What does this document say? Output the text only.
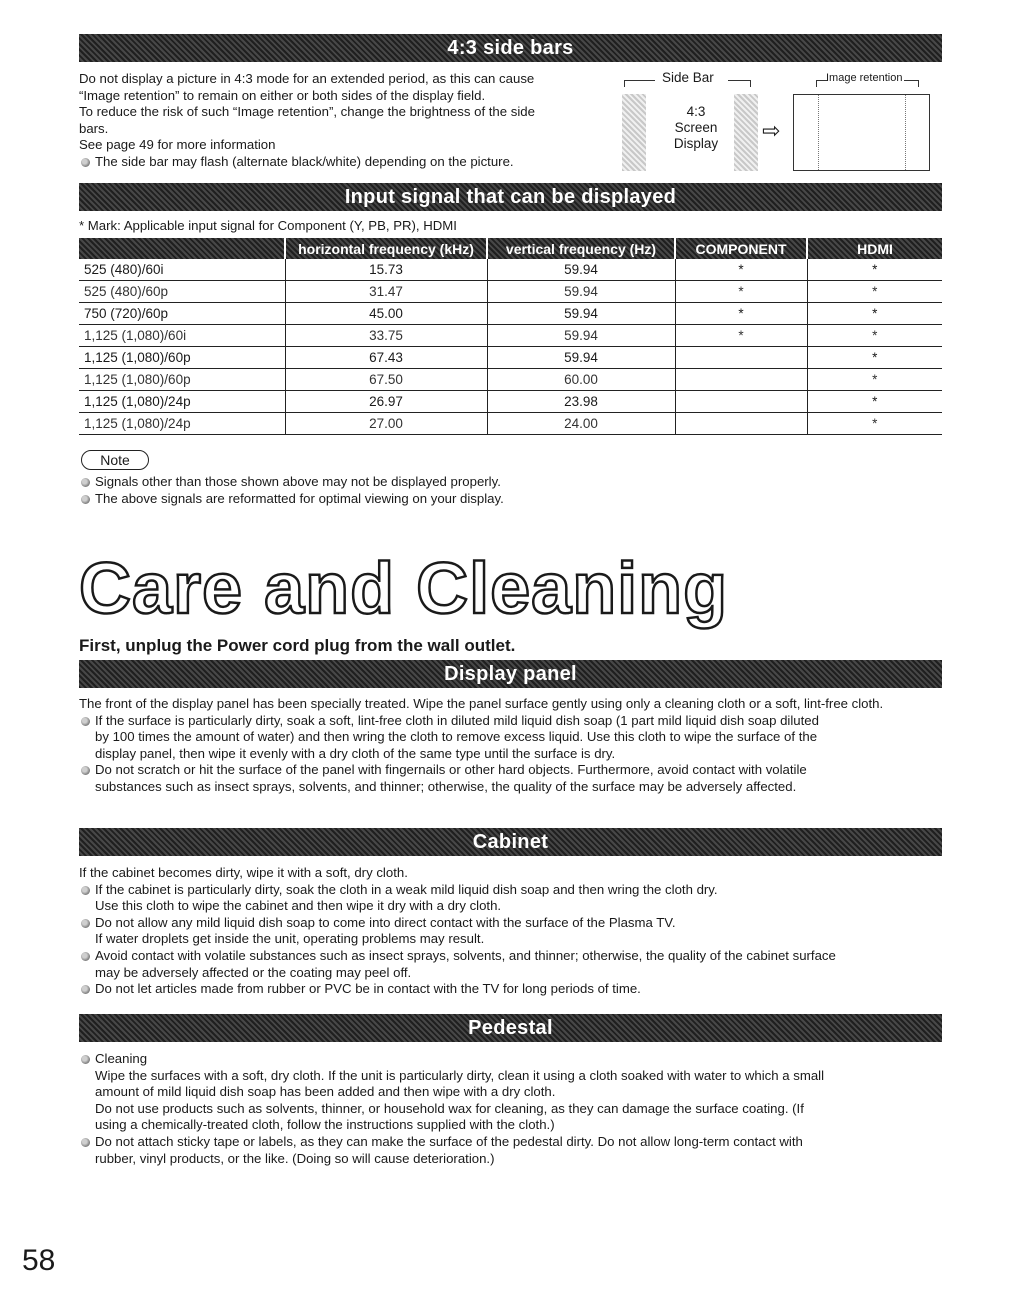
4:3 side bars
Do not display a picture in 4:3 mode for an extended period, as this can cause
“Image retention” to remain on either or both sides of the display field.
To reduce the risk of such “Image retention”, change the brightness of the side
bars.
See page 49 for more information
The side bar may flash (alternate black/white) depending on the picture.
Side Bar
4:3
Screen
Display
⇨
Image retention
Input signal that can be displayed
* Mark: Applicable input signal for Component (Y, PB, PR), HDMI
	horizontal frequency (kHz)	vertical frequency (Hz)	COMPONENT	HDMI
525 (480)/60i	15.73	59.94	*	*
525 (480)/60p	31.47	59.94	*	*
750 (720)/60p	45.00	59.94	*	*
1,125 (1,080)/60i	33.75	59.94	*	*
1,125 (1,080)/60p	67.43	59.94		*
1,125 (1,080)/60p	67.50	60.00		*
1,125 (1,080)/24p	26.97	23.98		*
1,125 (1,080)/24p	27.00	24.00		*
Note
Signals other than those shown above may not be displayed properly.
The above signals are reformatted for optimal viewing on your display.
Care and Cleaning
First, unplug the Power cord plug from the wall outlet.
Display panel
The front of the display panel has been specially treated. Wipe the panel surface gently using only a cleaning cloth or a soft, lint-free cloth.
If the surface is particularly dirty, soak a soft, lint-free cloth in diluted mild liquid dish soap (1 part mild liquid dish soap diluted
by 100 times the amount of water) and then wring the cloth to remove excess liquid. Use this cloth to wipe the surface of the
display panel, then wipe it evenly with a dry cloth of the same type until the surface is dry.
Do not scratch or hit the surface of the panel with fingernails or other hard objects. Furthermore, avoid contact with volatile
substances such as insect sprays, solvents, and thinner; otherwise, the quality of the surface may be adversely affected.
Cabinet
If the cabinet becomes dirty, wipe it with a soft, dry cloth.
If the cabinet is particularly dirty, soak the cloth in a weak mild liquid dish soap and then wring the cloth dry.
Use this cloth to wipe the cabinet and then wipe it dry with a dry cloth.
Do not allow any mild liquid dish soap to come into direct contact with the surface of the Plasma TV.
If water droplets get inside the unit, operating problems may result.
Avoid contact with volatile substances such as insect sprays, solvents, and thinner; otherwise, the quality of the cabinet surface
may be adversely affected or the coating may peel off.
Do not let articles made from rubber or PVC be in contact with the TV for long periods of time.
Pedestal
Cleaning
Wipe the surfaces with a soft, dry cloth. If the unit is particularly dirty, clean it using a cloth soaked with water to which a small
amount of mild liquid dish soap has been added and then wipe with a dry cloth.
Do not use products such as solvents, thinner, or household wax for cleaning, as they can damage the surface coating. (If
using a chemically-treated cloth, follow the instructions supplied with the cloth.)
Do not attach sticky tape or labels, as they can make the surface of the pedestal dirty. Do not allow long-term contact with
rubber, vinyl products, or the like. (Doing so will cause deterioration.)
58
